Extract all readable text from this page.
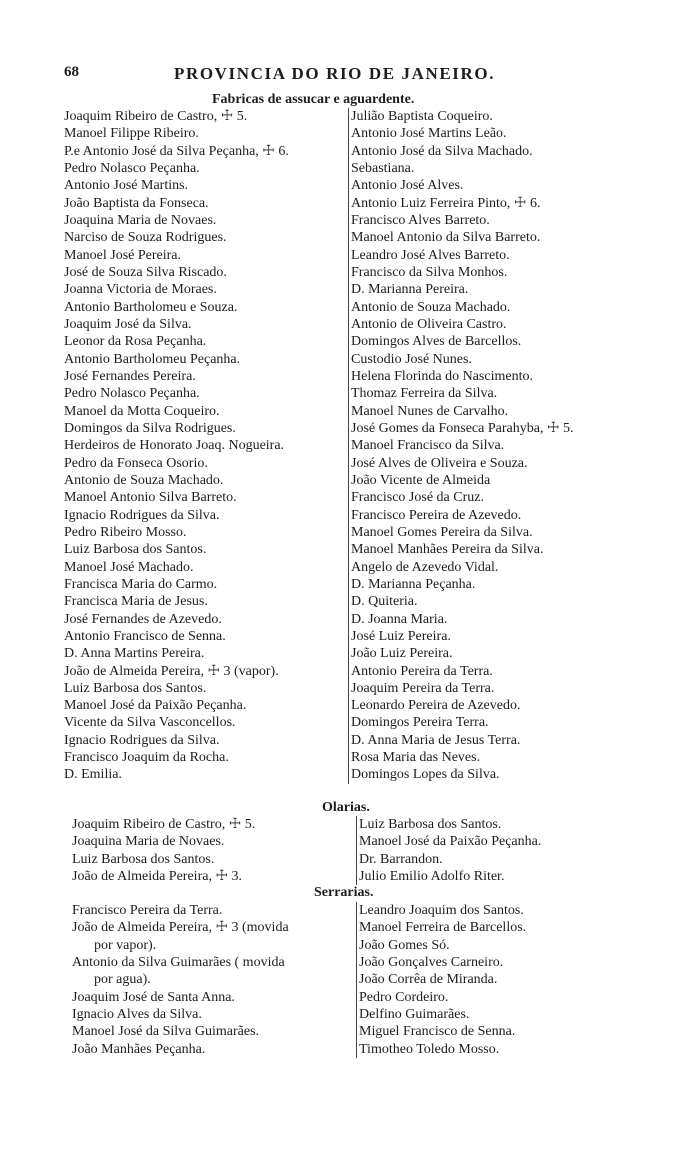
68	PROVINCIA DO RIO DE JANEIRO.
Fabricas de assucar e aguardente.
Joaquim Ribeiro de Castro, ☩ 5.
Manoel Filippe Ribeiro.
P.e Antonio José da Silva Peçanha, ☩ 6.
Pedro Nolasco Peçanha.
Antonio José Martins.
João Baptista da Fonseca.
Joaquina Maria de Novaes.
Narciso de Souza Rodrigues.
Manoel José Pereira.
José de Souza Silva Riscado.
Joanna Victoria de Moraes.
Antonio Bartholomeu e Souza.
Joaquim José da Silva.
Leonor da Rosa Peçanha.
Antonio Bartholomeu Peçanha.
José Fernandes Pereira.
Pedro Nolasco Peçanha.
Manoel da Motta Coqueiro.
Domingos da Silva Rodrigues.
Herdeiros de Honorato Joaq. Nogueira.
Pedro da Fonseca Osorio.
Antonio de Souza Machado.
Manoel Antonio Silva Barreto.
Ignacio Rodrigues da Silva.
Pedro Ribeiro Mosso.
Luiz Barbosa dos Santos.
Manoel José Machado.
Francisca Maria do Carmo.
Francisca Maria de Jesus.
José Fernandes de Azevedo.
Antonio Francisco de Senna.
D. Anna Martins Pereira.
João de Almeida Pereira, ☩ 3 (vapor).
Luiz Barbosa dos Santos.
Manoel José da Paixão Peçanha.
Vicente da Silva Vasconcellos.
Ignacio Rodrigues da Silva.
Francisco Joaquim da Rocha.
D. Emilia.
Julião Baptista Coqueiro.
Antonio José Martins Leão.
Antonio José da Silva Machado.
Sebastiana.
Antonio José Alves.
Antonio Luiz Ferreira Pinto, ☩ 6.
Francisco Alves Barreto.
Manoel Antonio da Silva Barreto.
Leandro José Alves Barreto.
Francisco da Silva Monhos.
D. Marianna Pereira.
Antonio de Souza Machado.
Antonio de Oliveira Castro.
Domingos Alves de Barcellos.
Custodio José Nunes.
Helena Florinda do Nascimento.
Thomaz Ferreira da Silva.
Manoel Nunes de Carvalho.
José Gomes da Fonseca Parahyba, ☩ 5.
Manoel Francisco da Silva.
José Alves de Oliveira e Souza.
João Vicente de Almeida
Francisco José da Cruz.
Francisco Pereira de Azevedo.
Manoel Gomes Pereira da Silva.
Manoel Manhães Pereira da Silva.
Angelo de Azevedo Vidal.
D. Marianna Peçanha.
D. Quiteria.
D. Joanna Maria.
José Luiz Pereira.
João Luiz Pereira.
Antonio Pereira da Terra.
Joaquim Pereira da Terra.
Leonardo Pereira de Azevedo.
Domingos Pereira Terra.
D. Anna Maria de Jesus Terra.
Rosa Maria das Neves.
Domingos Lopes da Silva.
Olarias.
Joaquim Ribeiro de Castro, ☩ 5.
Joaquina Maria de Novaes.
Luiz Barbosa dos Santos.
João de Almeida Pereira, ☩ 3.
Luiz Barbosa dos Santos.
Manoel José da Paixão Peçanha.
Dr. Barrandon.
Julio Emilio Adolfo Riter.
Serrarias.
Francisco Pereira da Terra.
João de Almeida Pereira, ☩ 3 (movida
por vapor).
Antonio da Silva Guimarães ( movida
por agua).
Joaquim José de Santa Anna.
Ignacio Alves da Silva.
Manoel José da Silva Guimarães.
João Manhães Peçanha.
Leandro Joaquim dos Santos.
Manoel Ferreira de Barcellos.
João Gomes Só.
João Gonçalves Carneiro.
João Corrêa de Miranda.
Pedro Cordeiro.
Delfino Guimarães.
Miguel Francisco de Senna.
Timotheo Toledo Mosso.
